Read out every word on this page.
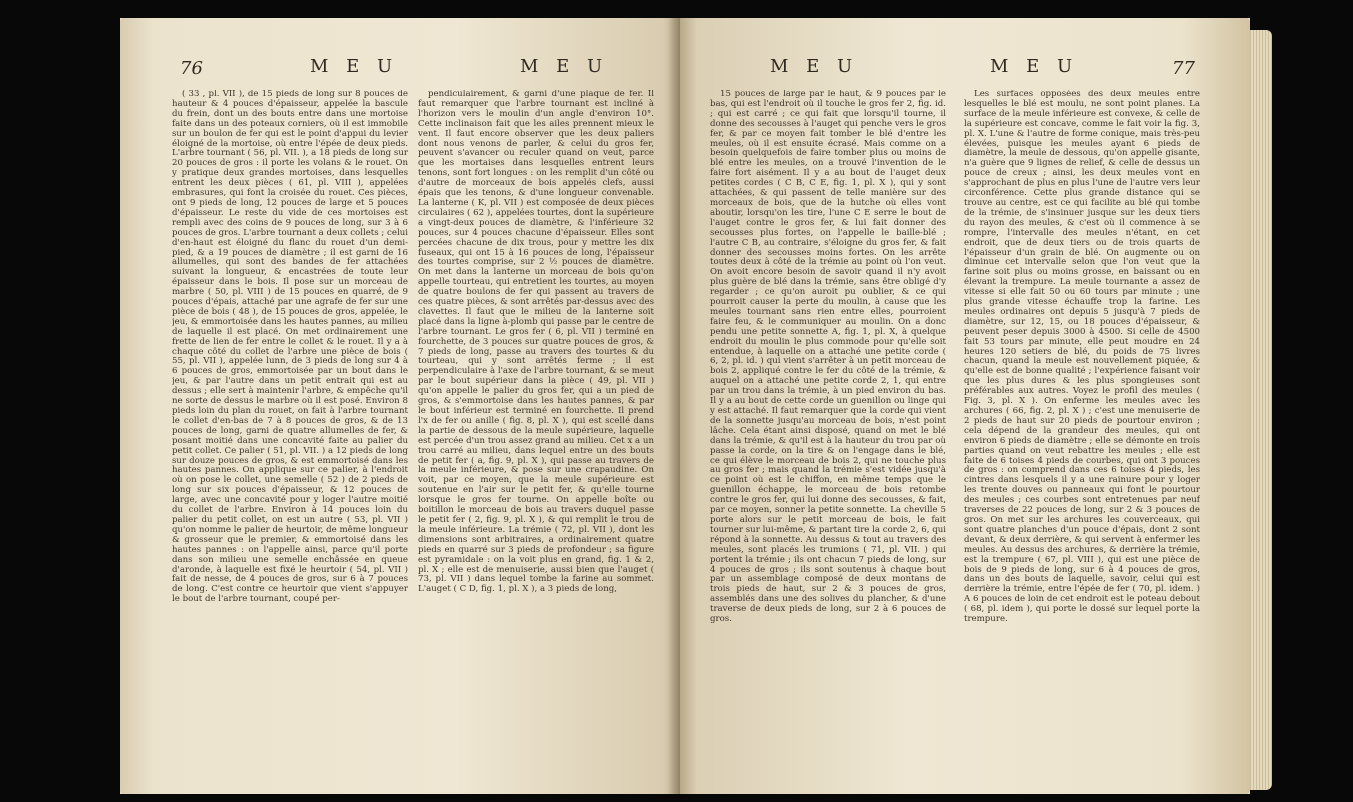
76	M E U	M E U

( 33 , pl. VII ), de 15 pieds de long sur 8 pouces de hauteur & 4 pouces d'épaisseur, appelée la bascule du frein, dont un des bouts entre dans une mortoise faite dans un des poteaux corniers, où il est immobile sur un boulon de fer qui est le point d'appui du levier éloigné de la mortoise, où entre l'épée de deux pieds. L'arbre tournant ( 56, pl. VII. ), a 18 pieds de long sur 20 pouces de gros : il porte les volans & le rouet. On y pratique deux grandes mortoises, dans lesquelles entrent les deux pièces ( 61, pl. VIII ), appelées embrasures, qui font la croisée du rouet. Ces pièces, ont 9 pieds de long, 12 pouces de large et 5 pouces d'épaisseur. Le reste du vide de ces mortoises est rempli avec des coins de 9 pouces de long, sur 3 à 6 pouces de gros. L'arbre tournant a deux collets ; celui d'en-haut est éloigné du flanc du rouet d'un demi-pied, & a 19 pouces de diamètre ; il est garni de 16 allumelles, qui sont des bandes de fer attachées suivant la longueur, & encastrées de toute leur épaisseur dans le bois. Il pose sur un morceau de marbre ( 50, pl. VIII ) de 15 pouces en quarré, de 9 pouces d'épais, attaché par une agrafe de fer sur une pièce de bois ( 48 ), de 15 pouces de gros, appelée, le jeu, & emmortoisée dans les hautes pannes, au milieu de laquelle il est placé. On met ordinairement une frette de lien de fer entre le collet & le rouet. Il y a à chaque côté du collet de l'arbre une pièce de bois ( 55, pl. VII ), appelée lunn, de 3 pieds de long sur 4 à 6 pouces de gros, emmortoisée par un bout dans le jeu, & par l'autre dans un petit entrait qui est au dessus ; elle sert à maintenir l'arbre, & empêche qu'il ne sorte de dessus le marbre où il est posé. Environ 8 pieds loin du plan du rouet, on fait à l'arbre tournant le collet d'en-bas de 7 à 8 pouces de gros, & de 13 pouces de long, garni de quatre allumelles de fer, & posant moitié dans une concavité faite au palier du petit collet. Ce palier ( 51, pl. VII. ) a 12 pieds de long sur douze pouces de gros, & est emmortoisé dans les hautes pannes. On applique sur ce palier, à l'endroit où on pose le collet, une semelle ( 52 ) de 2 pieds de long sur six pouces d'épaisseur, & 12 pouces de large, avec une concavité pour y loger l'autre moitié du collet de l'arbre. Environ à 14 pouces loin du palier du petit collet, on est un autre ( 53, pl. VII ) qu'on nomme le palier de heurtoir, de même longueur & grosseur que le premier, & emmortoisé dans les hautes pannes : on l'appelle ainsi, parce qu'il porte dans son milieu une semelle enchâssée en queue d'aronde, à laquelle est fixé le heurtoir ( 54, pl. VII ) fait de nesse, de 4 pouces de gros, sur 6 à 7 pouces de long. C'est contre ce heurtoir que vient s'appuyer le bout de l'arbre tournant, coupé per-

pendiculairement, & garni d'une plaque de fer. Il faut remarquer que l'arbre tournant est incliné à l'horizon vers le moulin d'un angle d'environ 10°. Cette inclinaison fait que les ailes prennent mieux le vent. Il faut encore observer que les deux paliers dont nous venons de parler, & celui du gros fer, peuvent s'avancer ou reculer quand on veut, parce que les mortaises dans lesquelles entrent leurs tenons, sont fort longues : on les remplit d'un côté ou d'autre de morceaux de bois appelés clefs, aussi épais que les tenons, & d'une longueur convenable. La lanterne ( K, pl. VII ) est composée de deux pièces circulaires ( 62 ), appelées tourtes, dont la supérieure a vingt-deux pouces de diamètre, & l'inférieure 32 pouces, sur 4 pouces chacune d'épaisseur. Elles sont percées chacune de dix trous, pour y mettre les dix fuseaux, qui ont 15 à 16 pouces de long, l'épaisseur des tourtes comprise, sur 2 ½ pouces de diamètre. On met dans la lanterne un morceau de bois qu'on appelle tourteau, qui entretient les tourtes, au moyen de quatre boulons de fer qui passent au travers de ces quatre pièces, & sont arrêtés par-dessus avec des clavettes. Il faut que le milieu de la lanterne soit placé dans la ligne à-plomb qui passe par le centre de l'arbre tournant. Le gros fer ( 6, pl. VII ) terminé en fourchette, de 3 pouces sur quatre pouces de gros, & 7 pieds de long, passe au travers des tourtes & du tourteau, qui y sont arrêtés ferme ; il est perpendiculaire à l'axe de l'arbre tournant, & se meut par le bout supérieur dans la pièce ( 49, pl. VII ) qu'on appelle le palier du gros fer, qui a un pied de gros, & s'emmortoise dans les hautes pannes, & par le bout inférieur est terminé en fourchette. Il prend l'x de fer ou anille ( fig. 8, pl. X ), qui est scellé dans la partie de dessous de la meule supérieure, laquelle est percée d'un trou assez grand au milieu. Cet x a un trou carré au milieu, dans lequel entre un des bouts de petit fer ( a, fig. 9, pl. X ), qui passe au travers de la meule inférieure, & pose sur une crapaudine. On voit, par ce moyen, que la meule supérieure est soutenue en l'air sur le petit fer, & qu'elle tourne lorsque le gros fer tourne. On appelle boîte ou boitillon le morceau de bois au travers duquel passe le petit fer ( 2, fig. 9, pl. X ), & qui remplit le trou de la meule inférieure. La trémie ( 72, pl. VII ), dont les dimensions sont arbitraires, a ordinairement quatre pieds en quarré sur 3 pieds de profondeur ; sa figure est pyramidale : on la voit plus en grand, fig. 1 & 2, pl. X ; elle est de menuiserie, aussi bien que l'auget ( 73, pl. VII ) dans lequel tombe la farine au sommet. L'auget ( C D, fig. 1, pl. X ), a 3 pieds de long,

M E U	M E U	77

15 pouces de large par le haut, & 9 pouces par le bas, qui est l'endroit où il touche le gros fer 2, fig. id. ; qui est carré ; ce qui fait que lorsqu'il tourne, il donne des secousses à l'auget qui penche vers le gros fer, & par ce moyen fait tomber le blé d'entre les meules, où il est ensuite écrasé. Mais comme on a besoin quelquefois de faire tomber plus ou moins de blé entre les meules, on a trouvé l'invention de le faire fort aisément. Il y a au bout de l'auget deux petites cordes ( C B, C E, fig. 1, pl. X ), qui y sont attachées, & qui passent de telle manière sur des morceaux de bois, que de la hutche où elles vont aboutir, lorsqu'on les tire, l'une C E serre le bout de l'auget contre le gros fer, & lui fait donner des secousses plus fortes, on l'appelle le baille-blé ; l'autre C B, au contraire, s'éloigne du gros fer, & fait donner des secousses moins fortes. On les arrête toutes deux à côté de la trémie au point où l'on veut. On avoit encore besoin de savoir quand il n'y avoit plus guère de blé dans la trémie, sans être obligé d'y regarder ; ce qu'on auroit pu oublier, & ce qui pourroit causer la perte du moulin, à cause que les meules tournant sans rien entre elles, pourroient faire feu, & le communiquer au moulin. On a donc pendu une petite sonnette A, fig. 1, pl. X, à quelque endroit du moulin le plus commode pour qu'elle soit entendue, à laquelle on a attaché une petite corde ( 6, 2, pl. id. ) qui vient s'arrêter à un petit morceau de bois 2, appliqué contre le fer du côté de la trémie, & auquel on a attaché une petite corde 2, 1, qui entre par un trou dans la trémie, à un pied environ du bas. Il y a au bout de cette corde un guenillon ou linge qui y est attaché. Il faut remarquer que la corde qui vient de la sonnette jusqu'au morceau de bois, n'est point lâche. Cela étant ainsi disposé, quand on met le blé dans la trémie, & qu'il est à la hauteur du trou par où passe la corde, on la tire & on l'engage dans le blé, ce qui élève le morceau de bois 2, qui ne touche plus au gros fer ; mais quand la trémie s'est vidée jusqu'à ce point où est le chiffon, en même temps que le guenillon échappe, le morceau de bois retombe contre le gros fer, qui lui donne des secousses, & fait, par ce moyen, sonner la petite sonnette. La cheville 5 porte alors sur le petit morceau de bois, le fait tourner sur lui-même, & partant tire la corde 2, 6, qui répond à la sonnette. Au dessus & tout au travers des meules, sont placés les trumions ( 71, pl. VII. ) qui portent la trémie ; ils ont chacun 7 pieds de long, sur 4 pouces de gros ; ils sont soutenus à chaque bout par un assemblage composé de deux montans de trois pieds de haut, sur 2 & 3 pouces de gros, assemblés dans une des solives du plancher, & d'une traverse de deux pieds de long, sur 2 à 6 pouces de gros.

Les surfaces opposées des deux meules entre lesquelles le blé est moulu, ne sont point planes. La surface de la meule inférieure est convexe, & celle de la supérieure est concave, comme le fait voir la fig. 3, pl. X. L'une & l'autre de forme conique, mais très-peu élevées, puisque les meules ayant 6 pieds de diamètre, la meule de dessous, qu'on appelle gisante, n'a guère que 9 lignes de relief, & celle de dessus un pouce de creux ; ainsi, les deux meules vont en s'approchant de plus en plus l'une de l'autre vers leur circonférence. Cette plus grande distance qui se trouve au centre, est ce qui facilite au blé qui tombe de la trémie, de s'insinuer jusque sur les deux tiers du rayon des meules, & c'est où il commence à se rompre, l'intervalle des meules n'étant, en cet endroit, que de deux tiers ou de trois quarts de l'épaisseur d'un grain de blé. On augmente ou on diminue cet intervalle selon que l'on veut que la farine soit plus ou moins grosse, en baissant ou en élevant la trempure. La meule tournante a assez de vitesse si elle fait 50 ou 60 tours par minute ; une plus grande vitesse échauffe trop la farine. Les meules ordinaires ont depuis 5 jusqu'à 7 pieds de diamètre, sur 12, 15, ou 18 pouces d'épaisseur, & peuvent peser depuis 3000 à 4500. Si celle de 4500 fait 53 tours par minute, elle peut moudre en 24 heures 120 setiers de blé, du poids de 75 livres chacun, quand la meule est nouvellement piquée, & qu'elle est de bonne qualité ; l'expérience faisant voir que les plus dures & les plus spongieuses sont préférables aux autres. Voyez le profil des meules ( Fig. 3, pl. X ). On enferme les meules avec les archures ( 66, fig. 2, pl. X ) ; c'est une menuiserie de 2 pieds de haut sur 20 pieds de pourtour environ ; cela dépend de la grandeur des meules, qui ont environ 6 pieds de diamètre ; elle se démonte en trois parties quand on veut rebattre les meules ; elle est faite de 6 toises 4 pieds de courbes, qui ont 3 pouces de gros : on comprend dans ces 6 toises 4 pieds, les cintres dans lesquels il y a une rainure pour y loger les trente douves ou panneaux qui font le pourtour des meules ; ces courbes sont entretenues par neuf traverses de 22 pouces de long, sur 2 & 3 pouces de gros. On met sur les archures les couverceaux, qui sont quatre planches d'un pouce d'épais, dont 2 sont devant, & deux derrière, & qui servent à enfermer les meules. Au dessus des archures, & derrière la trémie, est la trempure ( 67, pl. VIII ), qui est une pièce de bois de 9 pieds de long, sur 6 à 4 pouces de gros, dans un des bouts de laquelle, savoir, celui qui est derrière la trémie, entre l'épée de fer ( 70, pl. idem. ) A 6 pouces de loin de cet endroit est le poteau debout ( 68, pl. idem ), qui porte le dossé sur lequel porte la trempure.
